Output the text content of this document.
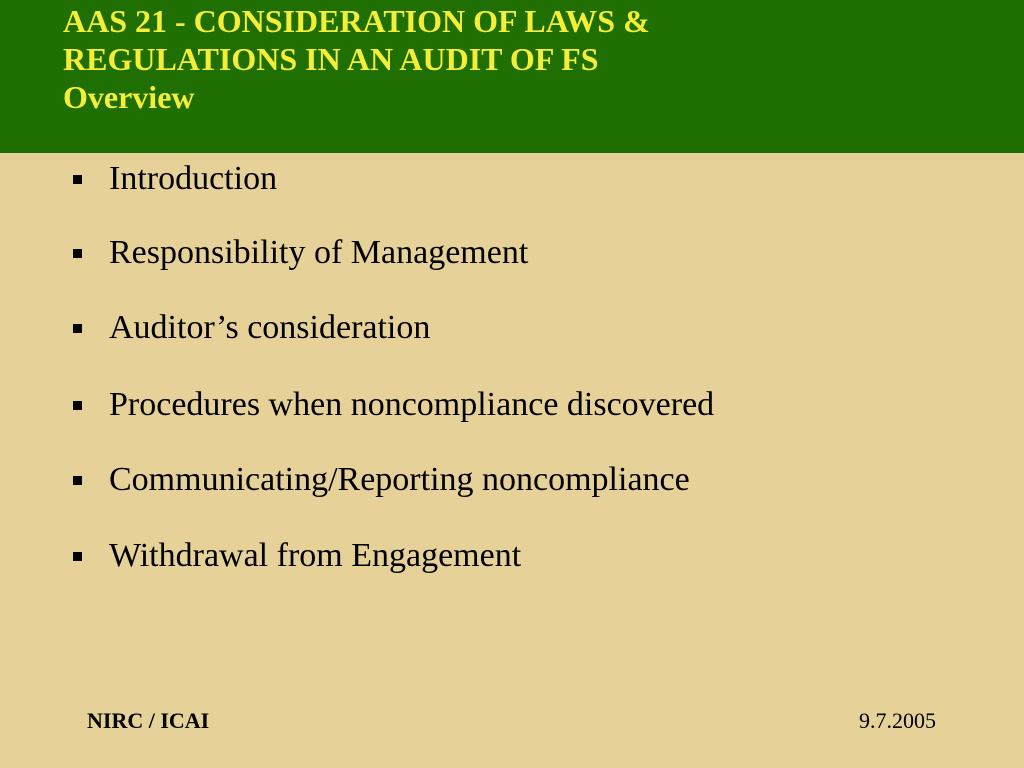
AAS 21 - CONSIDERATION OF LAWS &
REGULATIONS IN AN AUDIT OF FS
Overview
Introduction
Responsibility of Management
Auditor’s consideration
Procedures when noncompliance discovered
Communicating/Reporting noncompliance
Withdrawal from Engagement
NIRC / ICAI	9.7.2005
